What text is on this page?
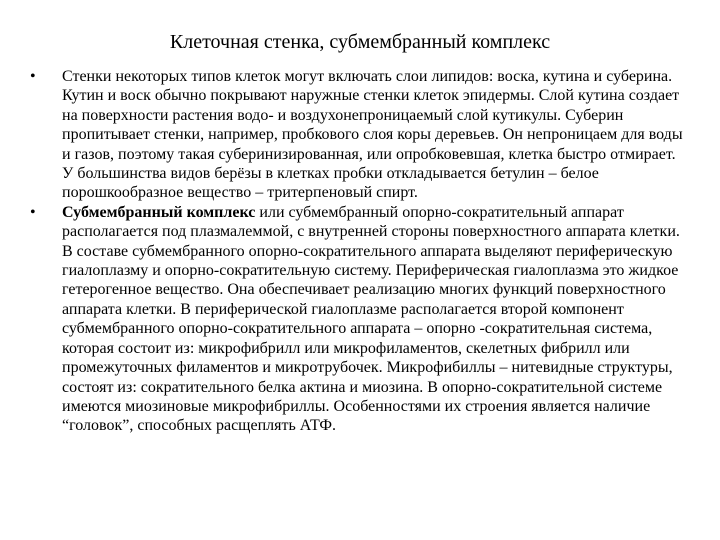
Клеточная стенка, субмембранный комплекс
• Стенки некоторых типов клеток могут включать слои липидов: воска, кутина и суберина. Кутин и воск обычно покрывают наружные стенки клеток эпидермы. Слой кутина создает на поверхности растения водо- и воздухонепроницаемый слой кутикулы. Суберин пропитывает стенки, например, пробкового слоя коры деревьев. Он непроницаем для воды и газов, поэтому такая суберинизированная, или опробковевшая, клетка быстро отмирает. У большинства видов берёзы в клетках пробки откладывается бетулин – белое порошкообразное вещество – тритерпеновый спирт.
• Субмембранный комплекс или субмембранный опорно-сократительный аппарат располагается под плазмалеммой, с внутренней стороны поверхностного аппарата клетки. В составе субмембранного опорно-сократительного аппарата выделяют периферическую гиалоплазму и опорно-сократительную систему. Периферическая гиалоплазма это жидкое гетерогенное вещество. Она обеспечивает реализацию многих функций поверхностного аппарата клетки. В периферической гиалоплазме располагается второй компонент субмембранного опорно-сократительного аппарата – опорно -сократительная система, которая состоит из: микрофибрилл или микрофиламентов, скелетных фибрилл или промежуточных филаментов и микротрубочек. Микрофибиллы – нитевидные структуры, состоят из: сократительного белка актина и миозина. В опорно-сократительной системе имеются миозиновые микрофибриллы. Особенностями их строения является наличие “головок”, способных расщеплять АТФ.
